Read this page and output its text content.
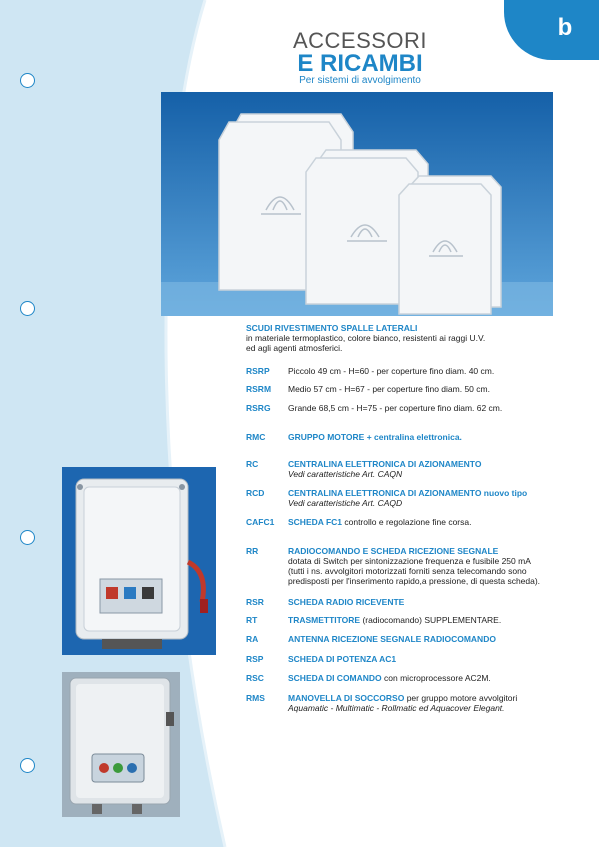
b
ACCESSORI
E RICAMBI
Per sistemi di avvolgimento
SCUDI RIVESTIMENTO SPALLE LATERALI
in materiale termoplastico, colore bianco, resistenti ai raggi U.V.
ed agli agenti atmosferici.
RSRP	Piccolo 49 cm - H=60 - per coperture fino diam. 40 cm.
RSRM	Medio 57 cm - H=67 - per coperture fino diam. 50 cm.
RSRG	Grande 68,5 cm - H=75 - per coperture fino diam. 62 cm.
RMC	GRUPPO MOTORE + centralina elettronica.
RC	CENTRALINA ELETTRONICA DI AZIONAMENTO
Vedi caratteristiche Art. CAQN
RCD	CENTRALINA ELETTRONICA DI AZIONAMENTO nuovo tipo
Vedi caratteristiche Art. CAQD
CAFC1	SCHEDA FC1 controllo e regolazione fine corsa.
RR	RADIOCOMANDO E SCHEDA RICEZIONE SEGNALE
dotata di Switch per sintonizzazione frequenza e fusibile 250 mA
(tutti i ns. avvolgitori motorizzati forniti senza telecomando sono
predisposti per l'inserimento rapido,a pressione, di questa scheda).
RSR	SCHEDA RADIO RICEVENTE
RT	TRASMETTITORE (radiocomando) SUPPLEMENTARE.
RA	ANTENNA RICEZIONE SEGNALE RADIOCOMANDO
RSP	SCHEDA DI POTENZA AC1
RSC	SCHEDA DI COMANDO con microprocessore AC2M.
RMS	MANOVELLA DI SOCCORSO per gruppo motore avvolgitori
Aquamatic - Multimatic - Rollmatic ed Aquacover Elegant.
